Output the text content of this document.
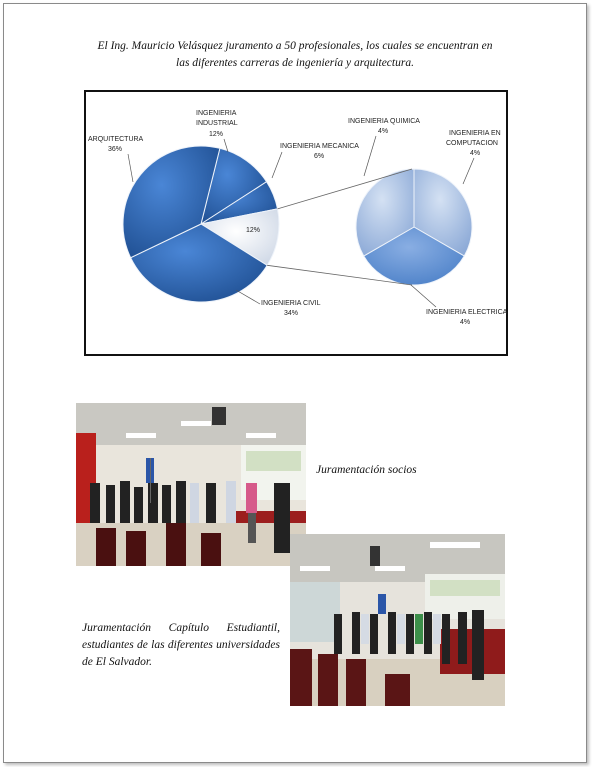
El Ing. Mauricio Velásquez juramento a 50 profesionales, los cuales se encuentran en
las diferentes carreras de ingeniería y arquitectura.
ARQUITECTURA
36%
INGENIERIA
INDUSTRIAL
12%
INGENIERIA MECANICA
6%
12%
INGENIERIA CIVIL
34%
INGENIERIA QUIMICA
4%	INGENIERIA EN
COMPUTACION
4%
INGENIERIA ELECTRICA
4%
Juramentación socios
Juramentación Capítulo Estudiantil, estudiantes de las diferentes universidades de El Salvador.
